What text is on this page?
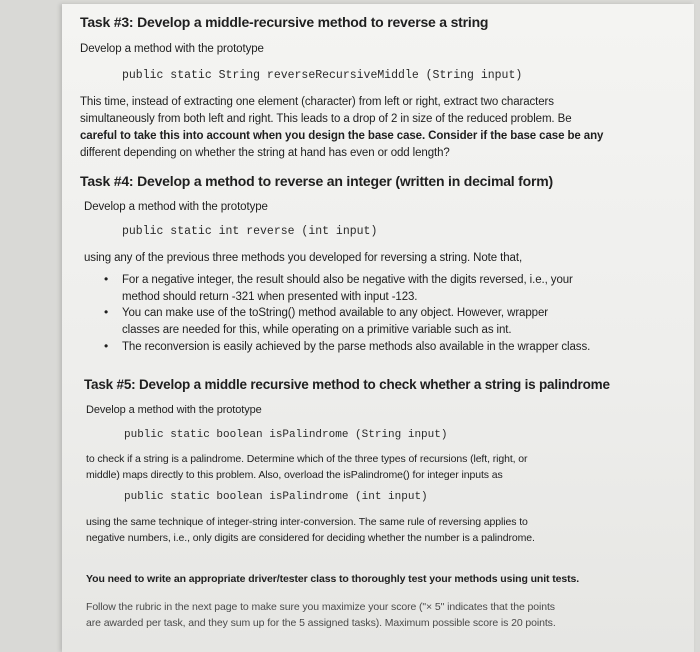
Task #3: Develop a middle-recursive method to reverse a string
Develop a method with the prototype
public static String reverseRecursiveMiddle (String input)
This time, instead of extracting one element (character) from left or right, extract two characters
simultaneously from both left and right. This leads to a drop of 2 in size of the reduced problem. Be
careful to take this into account when you design the base case. Consider if the base case be any
different depending on whether the string at hand has even or odd length?
Task #4: Develop a method to reverse an integer (written in decimal form)
Develop a method with the prototype
public static int reverse (int input)
using any of the previous three methods you developed for reversing a string. Note that,
• For a negative integer, the result should also be negative with the digits reversed, i.e., your
method should return -321 when presented with input -123.
• You can make use of the toString() method available to any object. However, wrapper
classes are needed for this, while operating on a primitive variable such as int.
• The reconversion is easily achieved by the parse methods also available in the wrapper class.
Task #5: Develop a middle recursive method to check whether a string is palindrome
Develop a method with the prototype
public static boolean isPalindrome (String input)
to check if a string is a palindrome. Determine which of the three types of recursions (left, right, or
middle) maps directly to this problem. Also, overload the isPalindrome() for integer inputs as
public static boolean isPalindrome (int input)
using the same technique of integer-string inter-conversion. The same rule of reversing applies to
negative numbers, i.e., only digits are considered for deciding whether the number is a palindrome.
You need to write an appropriate driver/tester class to thoroughly test your methods using unit tests.
Follow the rubric in the next page to make sure you maximize your score ("× 5" indicates that the points
are awarded per task, and they sum up for the 5 assigned tasks). Maximum possible score is 20 points.
